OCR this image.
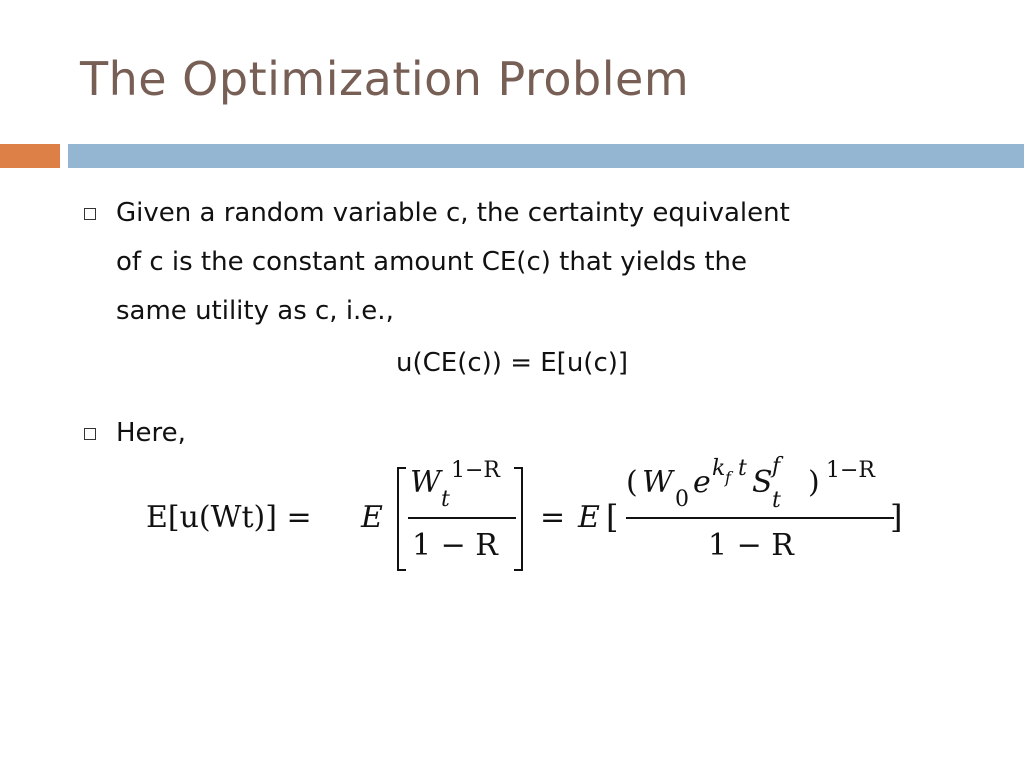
The Optimization Problem
Given a random variable c, the certainty equivalent
of c is the constant amount CE(c) that yields the
same utility as c, i.e.,
u(CE(c)) = E[u(c)]
Here,
E[u(Wt)] = E
W t
1−R
1 − R
= E [
( W 0 e k f t S f
t
) 1−R
1 − R
]
